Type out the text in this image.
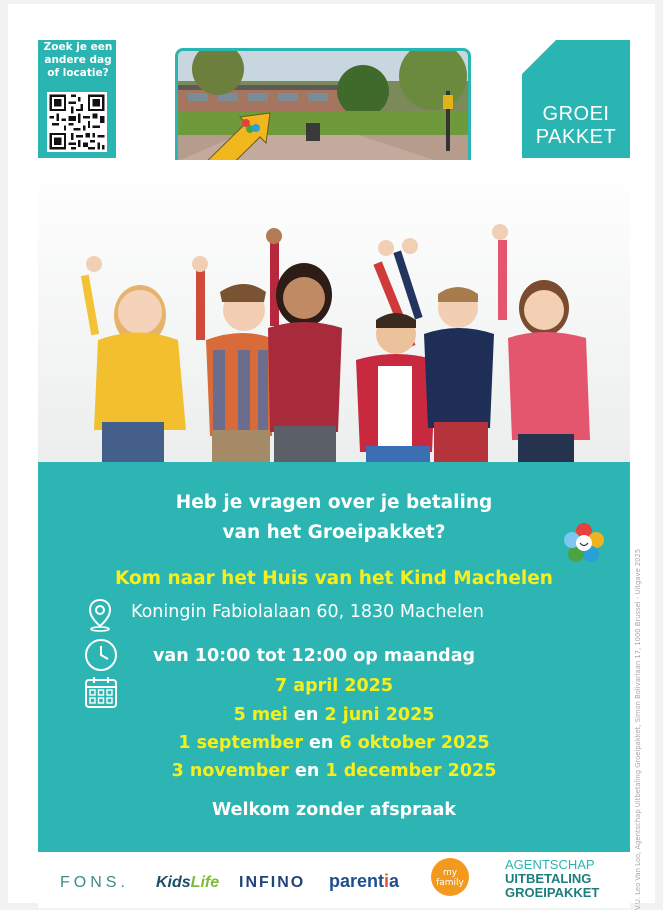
Zoek je een
andere dag
of locatie?
GROEI
PAKKET
Heb je vragen over je betaling
van het Groeipakket?
Kom naar het Huis van het Kind Machelen
Koningin Fabiolalaan 60, 1830 Machelen
van 10:00 tot 12:00 op maandag
7 april 2025
5 mei en 2 juni 2025
1 september en 6 oktober 2025
3 november en 1 december 2025
Welkom zonder afspraak
FONS. KidsLife INFINO parentia	my
family
AGENTSCHAP
UITBETALING
GROEIPAKKET	V.U. Leo Van Loo, Agentschap Uitbetaling Groeipakket, Simon Bolivarlaan 17, 1000 Brussel - Uitgave 2025
